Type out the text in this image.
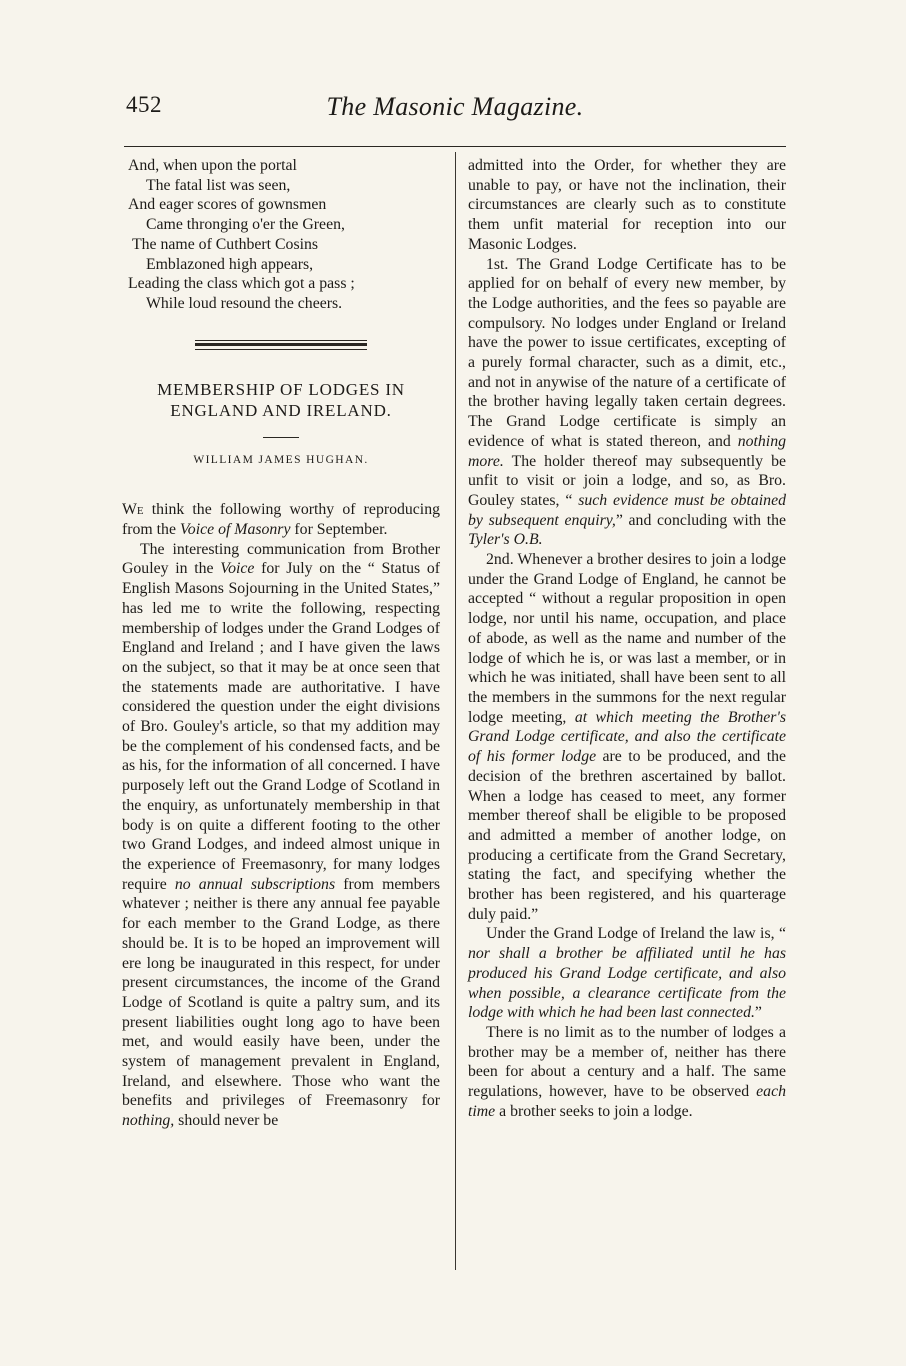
452	The Masonic Magazine.
And, when upon the portal
The fatal list was seen,
And eager scores of gownsmen
Came thronging o'er the Green,
The name of Cuthbert Cosins
Emblazoned high appears,
Leading the class which got a pass ;
While loud resound the cheers.
MEMBERSHIP OF LODGES IN
ENGLAND AND IRELAND.
WILLIAM JAMES HUGHAN.

We think the following worthy of reproducing from the Voice of Masonry for September.

The interesting communication from Brother Gouley in the Voice for July on the “ Status of English Masons Sojourning in the United States,” has led me to write the following, respecting membership of lodges under the Grand Lodges of England and Ireland ; and I have given the laws on the subject, so that it may be at once seen that the statements made are authoritative. I have considered the question under the eight divisions of Bro. Gouley's article, so that my addition may be the complement of his condensed facts, and be as his, for the information of all concerned. I have purposely left out the Grand Lodge of Scotland in the enquiry, as unfortunately membership in that body is on quite a different footing to the other two Grand Lodges, and indeed almost unique in the experience of Freemasonry, for many lodges require no annual subscriptions from members whatever ; neither is there any annual fee payable for each member to the Grand Lodge, as there should be. It is to be hoped an improvement will ere long be inaugurated in this respect, for under present circumstances, the income of the Grand Lodge of Scotland is quite a paltry sum, and its present liabilities ought long ago to have been met, and would easily have been, under the system of management prevalent in England, Ireland, and elsewhere. Those who want the benefits and privileges of Freemasonry for nothing, should never be

admitted into the Order, for whether they are unable to pay, or have not the inclination, their circumstances are clearly such as to constitute them unfit material for reception into our Masonic Lodges.

1st. The Grand Lodge Certificate has to be applied for on behalf of every new member, by the Lodge authorities, and the fees so payable are compulsory. No lodges under England or Ireland have the power to issue certificates, excepting of a purely formal character, such as a dimit, etc., and not in anywise of the nature of a certificate of the brother having legally taken certain degrees. The Grand Lodge certificate is simply an evidence of what is stated thereon, and nothing more. The holder thereof may subsequently be unfit to visit or join a lodge, and so, as Bro. Gouley states, “ such evidence must be obtained by subsequent enquiry,” and concluding with the Tyler's O.B.

2nd. Whenever a brother desires to join a lodge under the Grand Lodge of England, he cannot be accepted “ without a regular proposition in open lodge, nor until his name, occupation, and place of abode, as well as the name and number of the lodge of which he is, or was last a member, or in which he was initiated, shall have been sent to all the members in the summons for the next regular lodge meeting, at which meeting the Brother's Grand Lodge certificate, and also the certificate of his former lodge are to be produced, and the decision of the brethren ascertained by ballot. When a lodge has ceased to meet, any former member thereof shall be eligible to be proposed and admitted a member of another lodge, on producing a certificate from the Grand Secretary, stating the fact, and specifying whether the brother has been registered, and his quarterage duly paid.”

Under the Grand Lodge of Ireland the law is, “ nor shall a brother be affiliated until he has produced his Grand Lodge certificate, and also when possible, a clearance certificate from the lodge with which he had been last connected.”

There is no limit as to the number of lodges a brother may be a member of, neither has there been for about a century and a half. The same regulations, however, have to be observed each time a brother seeks to join a lodge.
